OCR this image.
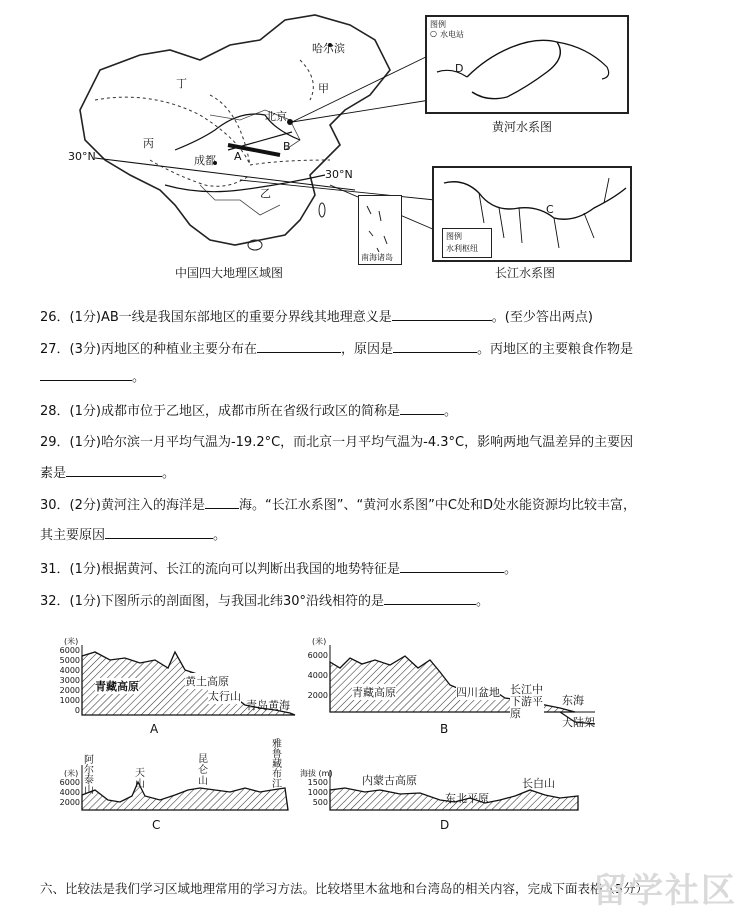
哈尔滨
甲
丁
北京
丙
成都 A
B
乙
30°N
30°N
南海诸岛
中国四大地理区域图
图例
○ 水电站
D
黄河水系图
C
图例
水利枢纽
长江水系图
26．(1分)AB一线是我国东部地区的重要分界线其地理意义是	。(至少答出两点)
27．(3分)丙地区的种植业主要分布在	，原因是	。丙地区的主要粮食作物是
。
28．(1分)成都市位于乙地区，成都市所在省级行政区的简称是	。
29．(1分)哈尔滨一月平均气温为-19.2°C，而北京一月平均气温为-4.3°C，影响两地气温差异的主要因
素是	。
30．(2分)黄河注入的海洋是	海。“长江水系图”、“黄河水系图”中C处和D处水能资源均比较丰富，
其主要原因	。
31．(1分)根据黄河、长江的流向可以判断出我国的地势特征是	。
32．(1分)下图所示的剖面图，与我国北纬30°沿线相符的是	。
(米)
6000
5000
4000
3000
2000
1000
0
青藏高原	黄土高原
太行山
青岛 黄海
A
(米)
6000
4000
2000 青藏高原	四川盆地 长江中下游平原
东海
大陆架
B
(米)
6000
4000
2000
阿尔泰山
天山
昆仑山
雅鲁藏布江
C
海拔 (m)
1500
1000
500
内蒙古高原
东北平原
长白山
D
六、比较法是我们学习区域地理常用的学习方法。比较塔里木盆地和台湾岛的相关内容，完成下面表格（5分）
留学社区
